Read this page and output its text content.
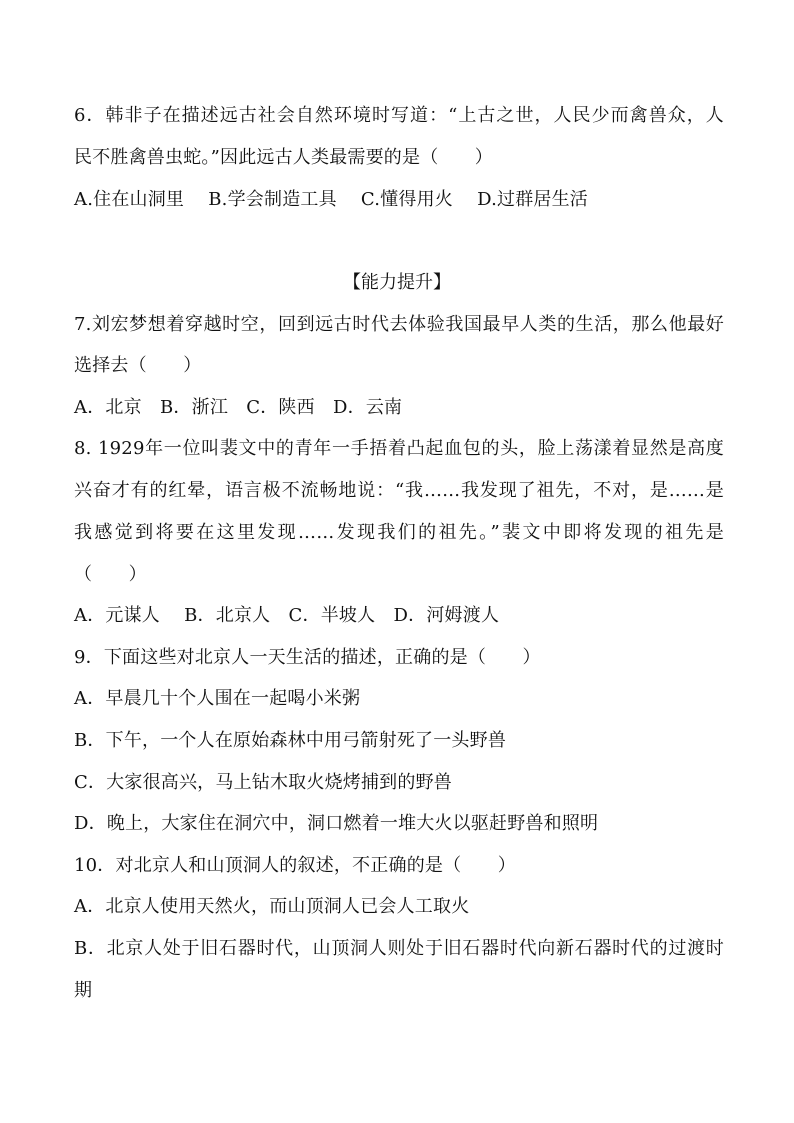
6．韩非子在描述远古社会自然环境时写道：“上古之世，人民少而禽兽众，人
民不胜禽兽虫蛇。”因此远古人类最需要的是（　　）
A.住在山洞里　 B.学会制造工具　 C.懂得用火　 D.过群居生活
【能力提升】
7.刘宏梦想着穿越时空，回到远古时代去体验我国最早人类的生活，那么他最好
选择去（　　）
A．北京　B．浙江　C．陕西　D．云南
8. 1929年一位叫裴文中的青年一手捂着凸起血包的头，脸上荡漾着显然是高度
兴奋才有的红晕，语言极不流畅地说：“我……我发现了祖先，不对，是……是
我感觉到将要在这里发现……发现我们的祖先。”裴文中即将发现的祖先是
（　　）
A．元谋人　 B．北京人　C．半坡人　D．河姆渡人
9．下面这些对北京人一天生活的描述，正确的是（　　）
A．早晨几十个人围在一起喝小米粥
B．下午，一个人在原始森林中用弓箭射死了一头野兽
C．大家很高兴，马上钻木取火烧烤捕到的野兽
D．晚上，大家住在洞穴中，洞口燃着一堆大火以驱赶野兽和照明
10．对北京人和山顶洞人的叙述，不正确的是（　　）
A．北京人使用天然火，而山顶洞人已会人工取火
B．北京人处于旧石器时代，山顶洞人则处于旧石器时代向新石器时代的过渡时
期
